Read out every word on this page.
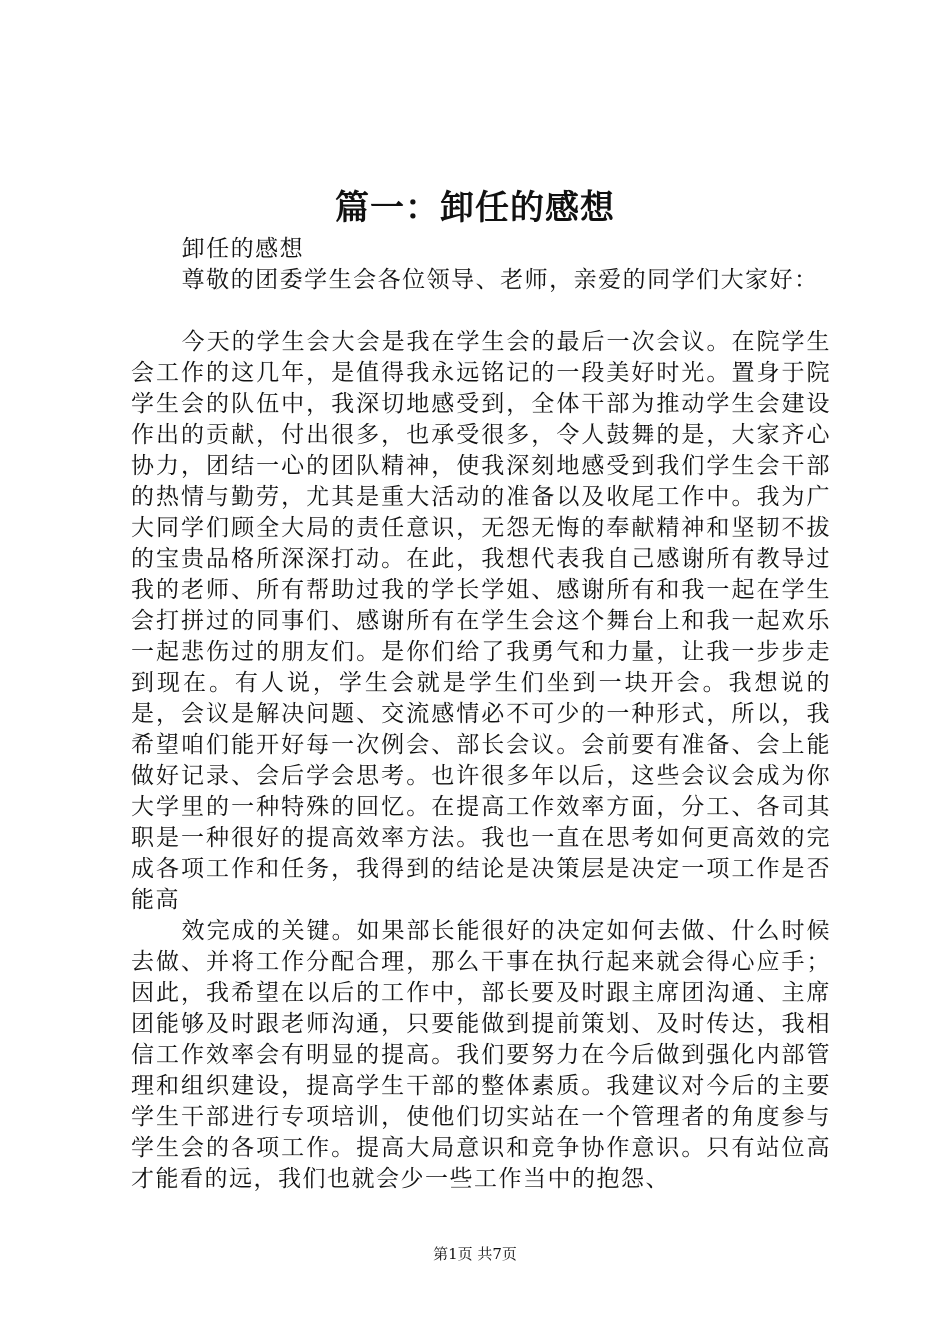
篇一：卸任的感想

卸任的感想

尊敬的团委学生会各位领导、老师，亲爱的同学们大家好：

今天的学生会大会是我在学生会的最后一次会议。在院学生会工作的这几年，是值得我永远铭记的一段美好时光。置身于院学生会的队伍中，我深切地感受到，全体干部为推动学生会建设作出的贡献，付出很多，也承受很多，令人鼓舞的是，大家齐心协力，团结一心的团队精神，使我深刻地感受到我们学生会干部的热情与勤劳，尤其是重大活动的准备以及收尾工作中。我为广大同学们顾全大局的责任意识，无怨无悔的奉献精神和坚韧不拔的宝贵品格所深深打动。在此，我想代表我自己感谢所有教导过我的老师、所有帮助过我的学长学姐、感谢所有和我一起在学生会打拼过的同事们、感谢所有在学生会这个舞台上和我一起欢乐一起悲伤过的朋友们。是你们给了我勇气和力量，让我一步步走到现在。有人说，学生会就是学生们坐到一块开会。我想说的是，会议是解决问题、交流感情必不可少的一种形式，所以，我希望咱们能开好每一次例会、部长会议。会前要有准备、会上能做好记录、会后学会思考。也许很多年以后，这些会议会成为你大学里的一种特殊的回忆。在提高工作效率方面，分工、各司其职是一种很好的提高效率方法。我也一直在思考如何更高效的完成各项工作和任务，我得到的结论是决策层是决定一项工作是否能高

效完成的关键。如果部长能很好的决定如何去做、什么时候去做、并将工作分配合理，那么干事在执行起来就会得心应手；因此，我希望在以后的工作中，部长要及时跟主席团沟通、主席团能够及时跟老师沟通，只要能做到提前策划、及时传达，我相信工作效率会有明显的提高。我们要努力在今后做到强化内部管理和组织建设，提高学生干部的整体素质。我建议对今后的主要学生干部进行专项培训，使他们切实站在一个管理者的角度参与学生会的各项工作。提高大局意识和竞争协作意识。只有站位高才能看的远，我们也就会少一些工作当中的抱怨、

第1页 共7页
